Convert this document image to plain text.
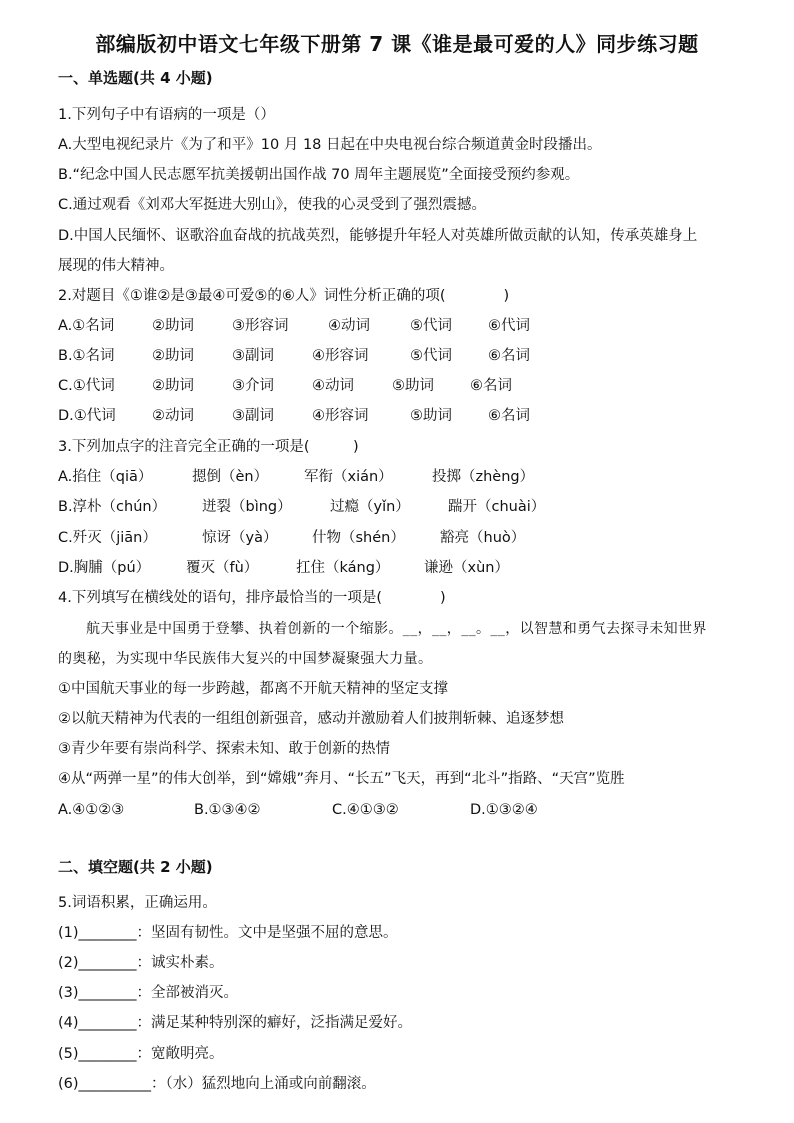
部编版初中语文七年级下册第 7 课《谁是最可爱的人》同步练习题
一、单选题(共 4 小题)
1.下列句子中有语病的一项是（）
A.大型电视纪录片《为了和平》10 月 18 日起在中央电视台综合频道黄金时段播出。
B.“纪念中国人民志愿军抗美援朝出国作战 70 周年主题展览”全面接受预约参观。
C.通过观看《刘邓大军挺进大别山》，使我的心灵受到了强烈震撼。
D.中国人民缅怀、讴歌浴血奋战的抗战英烈，能够提升年轻人对英雄所做贡献的认知，传承英雄身上
展现的伟大精神。
2.对题目《①谁②是③最④可爱⑤的⑥人》词性分析正确的项(　　　　)
A.①名词	②助词	③形容词	④动词	⑤代词 ⑥代词
B.①名词	②助词	③副词	④形容词	⑤代词 ⑥名词
C.①代词	②助词	③介词	④动词	⑤助词 ⑥名词
D.①代词 ②动词	③副词	④形容词	⑤助词 ⑥名词
3.下列加点字的注音完全正确的一项是(　　　)
A.掐住（qiā）	摁倒（èn） 军衔（xián）	投掷（zhèng）
B.淳朴（chún） 迸裂（bìng）	过瘾（yǐn）	踹开（chuài）
C.歼灭（jiān）	惊讶（yà） 什物（shén） 豁亮（huò）
D.胸脯（pú） 覆灭（fù）	扛住（káng） 谦逊（xùn）
4.下列填写在横线处的语句，排序最恰当的一项是(　　　　)
航天事业是中国勇于登攀、执着创新的一个缩影。__，__，__。__，以智慧和勇气去探寻未知世界
的奥秘，为实现中华民族伟大复兴的中国梦凝聚强大力量。
①中国航天事业的每一步跨越，都离不开航天精神的坚定支撑
②以航天精神为代表的一组组创新强音，感动并激励着人们披荆斩棘、追逐梦想
③青少年要有崇尚科学、探索未知、敢于创新的热情
④从“两弹一星”的伟大创举，到“嫦娥”奔月、“长五”飞天，再到“北斗”指路、“天宫”览胜
A.④①②③	B.①③④②	C.④①③②	D.①③②④
二、填空题(共 2 小题)
5.词语积累，正确运用。
(1)________：坚固有韧性。文中是坚强不屈的意思。
(2)________：诚实朴素。
(3)________：全部被消灭。
(4)________：满足某种特别深的癖好，泛指满足爱好。
(5)________：宽敞明亮。
(6)__________：（水）猛烈地向上涌或向前翻滚。
